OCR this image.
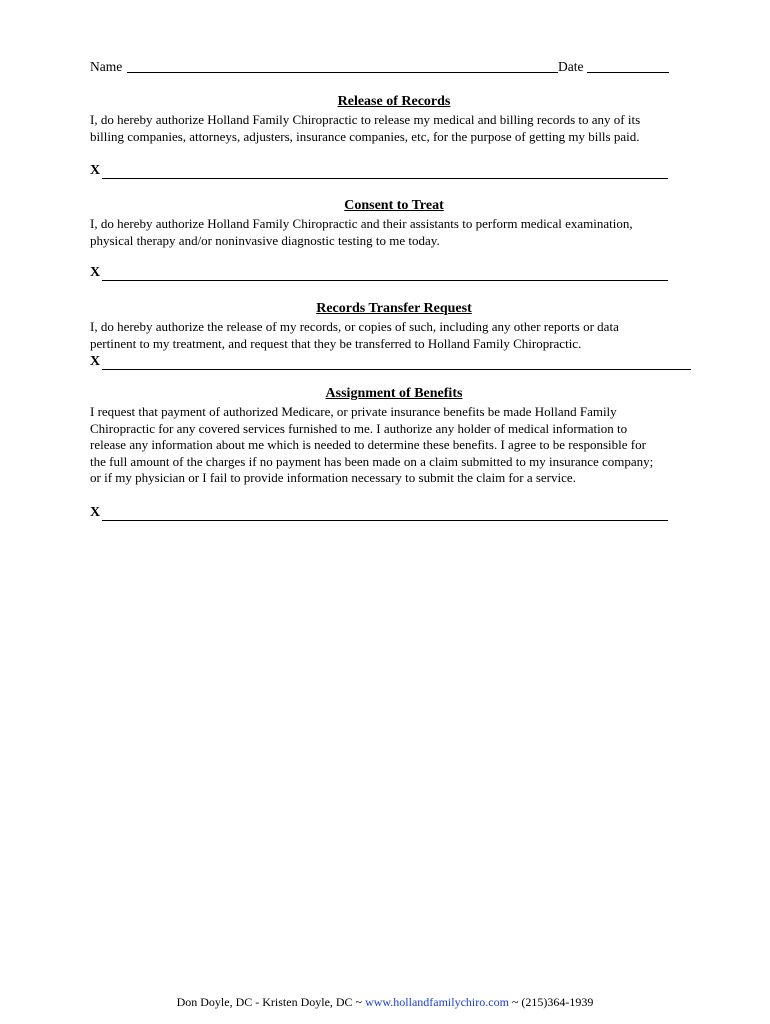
Name	Date
Release of Records
I, do hereby authorize Holland Family Chiropractic to release my medical and billing records to any of its
billing companies, attorneys, adjusters, insurance companies, etc, for the purpose of getting my bills paid.
X
Consent to Treat
I, do hereby authorize Holland Family Chiropractic and their assistants to perform medical examination,
physical therapy and/or noninvasive diagnostic testing to me today.
X
Records Transfer Request
I, do hereby authorize the release of my records, or copies of such, including any other reports or data
pertinent to my treatment, and request that they be transferred to Holland Family Chiropractic.
X
Assignment of Benefits
I request that payment of authorized Medicare, or private insurance benefits be made Holland Family
Chiropractic for any covered services furnished to me. I authorize any holder of medical information to
release any information about me which is needed to determine these benefits. I agree to be responsible for
the full amount of the charges if no payment has been made on a claim submitted to my insurance company;
or if my physician or I fail to provide information necessary to submit the claim for a service.
X
Don Doyle, DC - Kristen Doyle, DC ~ www.hollandfamilychiro.com ~ (215)364-1939
